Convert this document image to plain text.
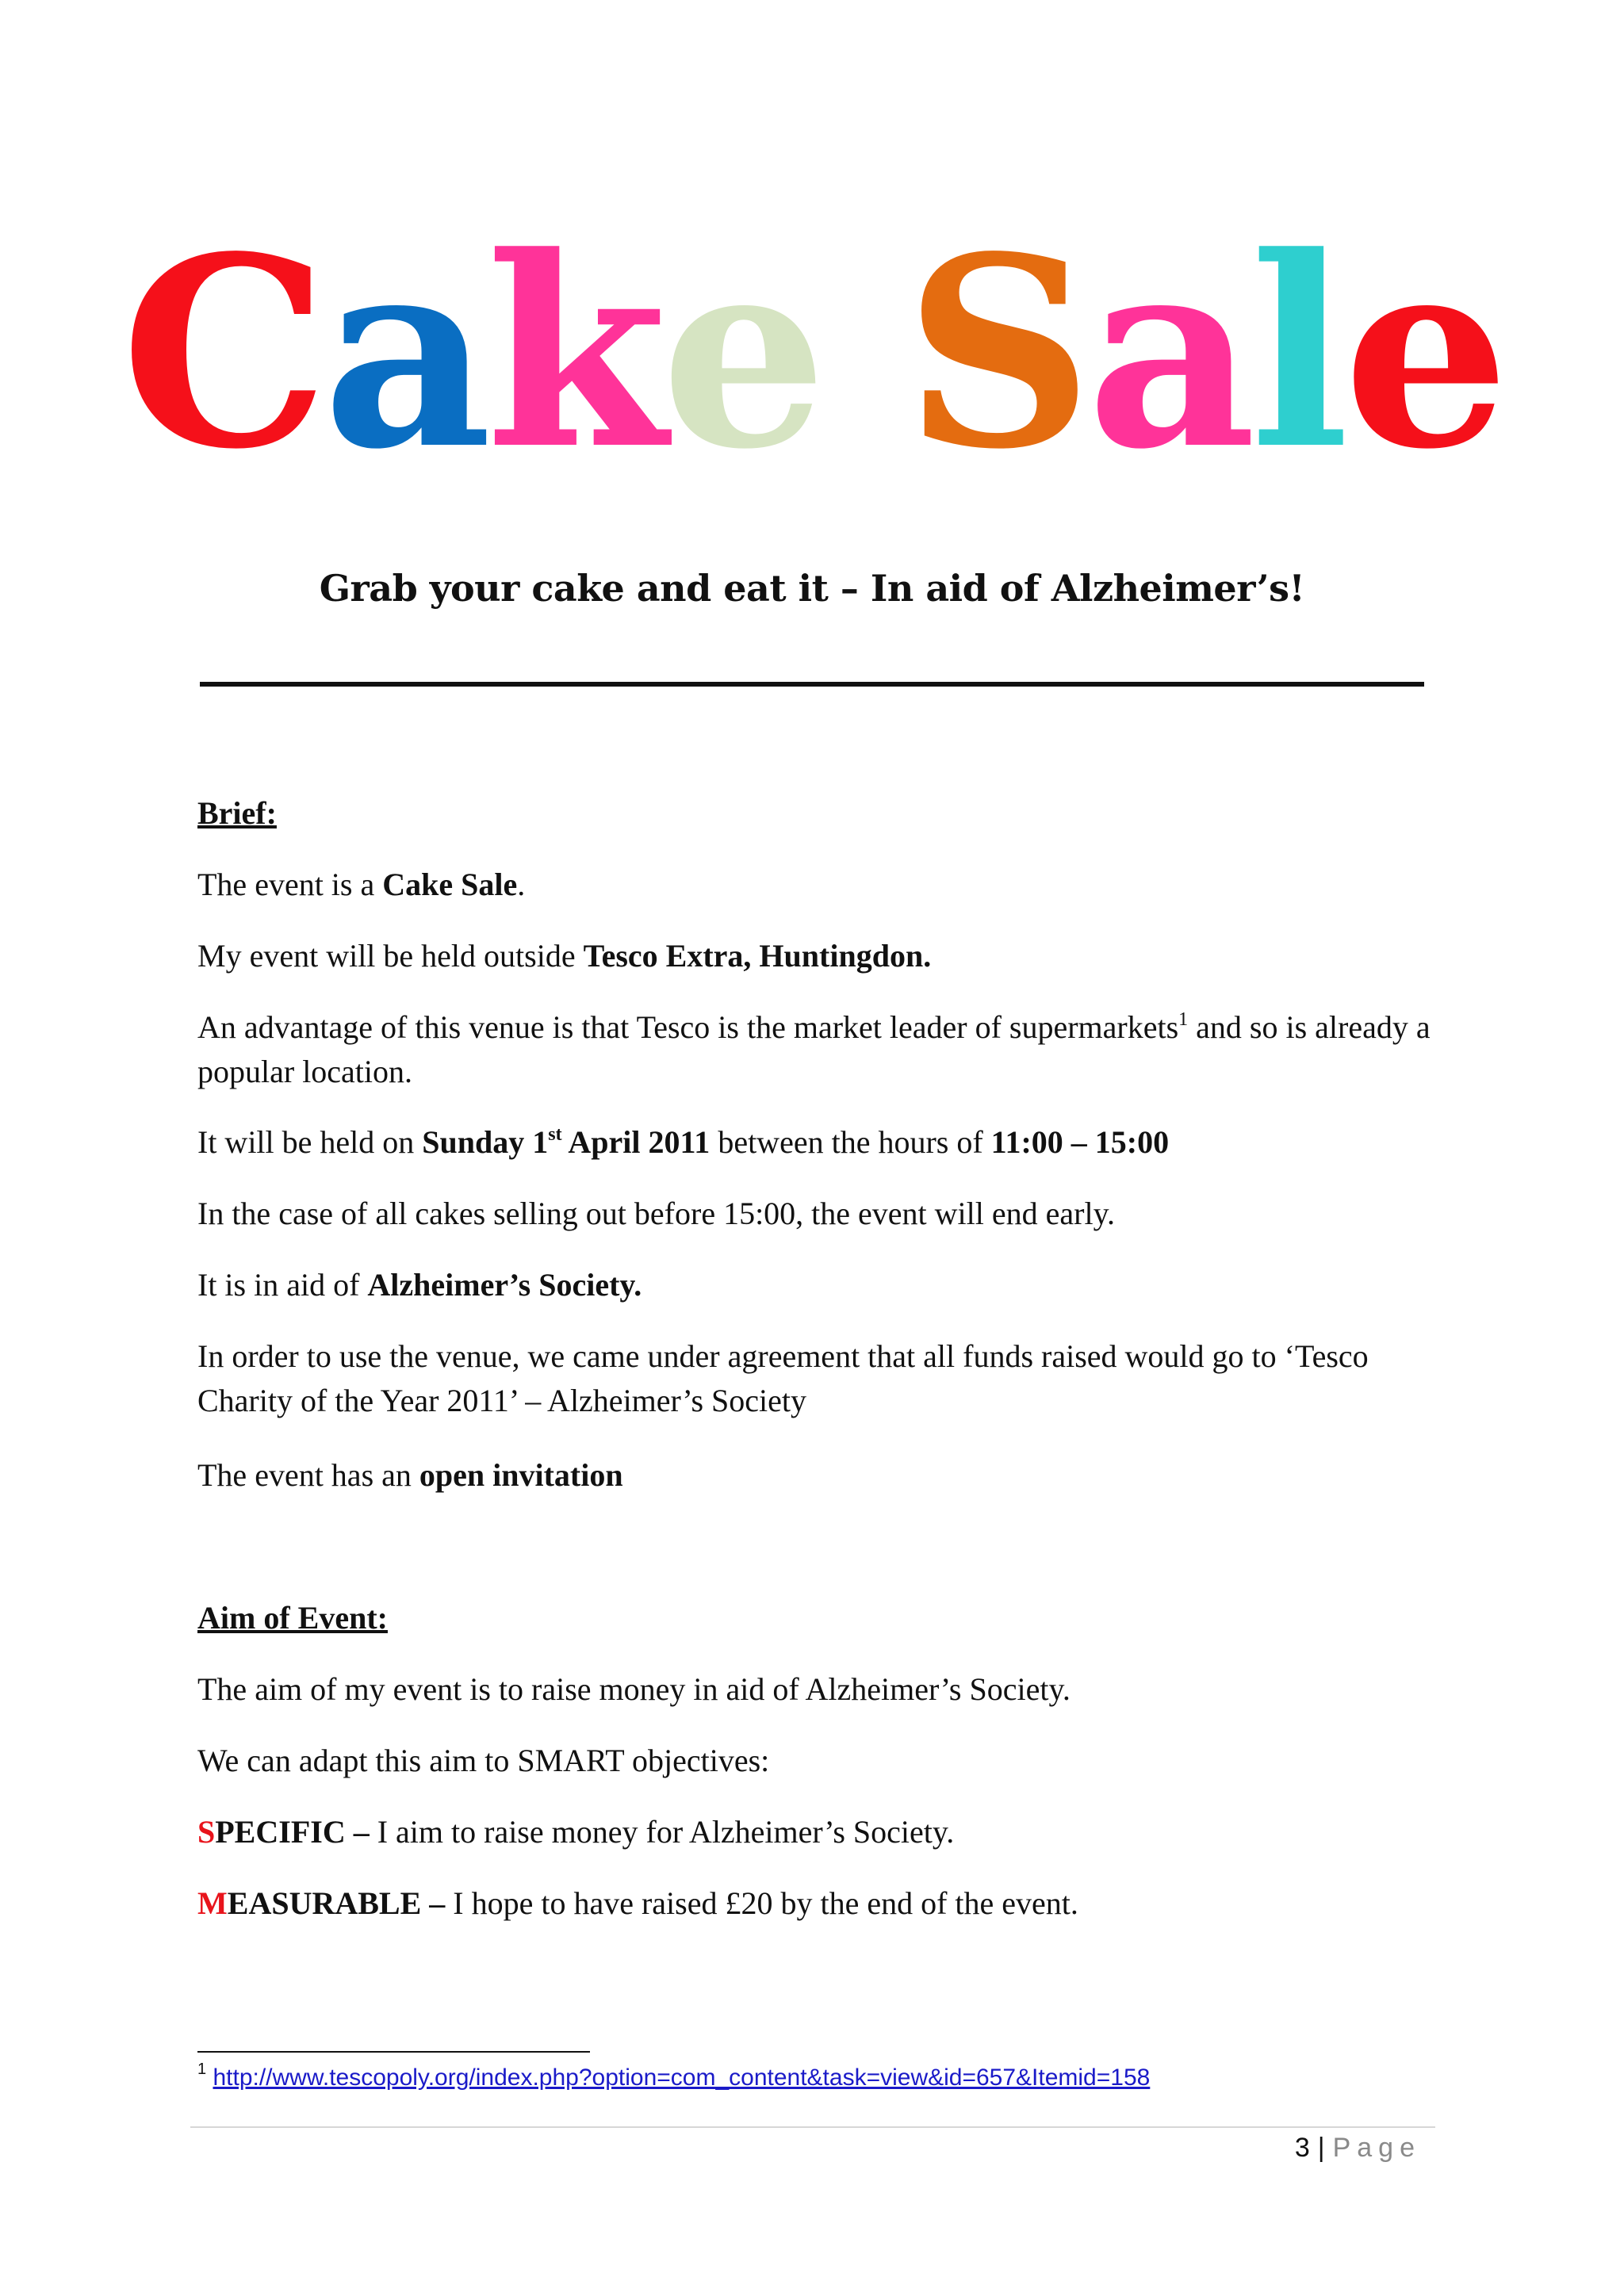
Cake Sale
Grab your cake and eat it – In aid of Alzheimer’s!

Brief:

The event is a Cake Sale.

My event will be held outside Tesco Extra, Huntingdon.

An advantage of this venue is that Tesco is the market leader of supermarkets$^1$ and so is already a popular location.

It will be held on Sunday 1st April 2011 between the hours of 11:00 – 15:00

In the case of all cakes selling out before 15:00, the event will end early.

It is in aid of Alzheimer’s Society.

In order to use the venue, we came under agreement that all funds raised would go to ‘Tesco Charity of the Year 2011’ – Alzheimer’s Society

The event has an open invitation

Aim of Event:

The aim of my event is to raise money in aid of Alzheimer’s Society.

We can adapt this aim to SMART objectives:

SPECIFIC – I aim to raise money for Alzheimer’s Society.

MEASURABLE – I hope to have raised £20 by the end of the event.

$^1$ http://www.tescopoly.org/index.php?option=com_content&task=view&id=657&Itemid=158
3 | Page
